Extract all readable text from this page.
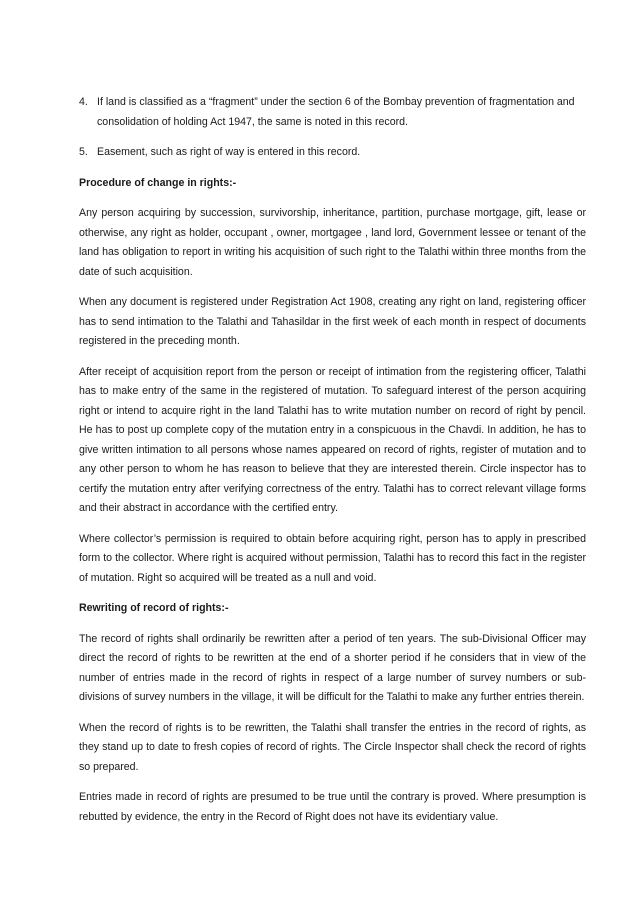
4. If land is classified as a “fragment” under the section 6 of the Bombay prevention of fragmentation and consolidation of holding Act 1947, the same is noted in this record.
5. Easement, such as right of way is entered in this record.
Procedure of change in rights:-

Any person acquiring by succession, survivorship, inheritance, partition, purchase mortgage, gift, lease or otherwise, any right as holder, occupant , owner, mortgagee , land lord, Government lessee or tenant of the land has obligation to report in writing his acquisition of such right to the Talathi within three months from the date of such acquisition.

When any document is registered under Registration Act 1908, creating any right on land, registering officer has to send intimation to the Talathi and Tahasildar in the first week of each month in respect of documents registered in the preceding month.

After receipt of acquisition report from the person or receipt of intimation from the registering officer, Talathi has to make entry of the same in the registered of mutation. To safeguard interest of the person acquiring right or intend to acquire right in the land Talathi has to write mutation number on record of right by pencil. He has to post up complete copy of the mutation entry in a conspicuous in the Chavdi. In addition, he has to give written intimation to all persons whose names appeared on record of rights, register of mutation and to any other person to whom he has reason to believe that they are interested therein. Circle inspector has to certify the mutation entry after verifying correctness of the entry. Talathi has to correct relevant village forms and their abstract in accordance with the certified entry.

Where collector’s permission is required to obtain before acquiring right, person has to apply in prescribed form to the collector. Where right is acquired without permission, Talathi has to record this fact in the register of mutation. Right so acquired will be treated as a null and void.

Rewriting of record of rights:-

The record of rights shall ordinarily be rewritten after a period of ten years. The sub-Divisional Officer may direct the record of rights to be rewritten at the end of a shorter period if he considers that in view of the number of entries made in the record of rights in respect of a large number of survey numbers or sub-divisions of survey numbers in the village, it will be difficult for the Talathi to make any further entries therein.

When the record of rights is to be rewritten, the Talathi shall transfer the entries in the record of rights, as they stand up to date to fresh copies of record of rights. The Circle Inspector shall check the record of rights so prepared.

Entries made in record of rights are presumed to be true until the contrary is proved. Where presumption is rebutted by evidence, the entry in the Record of Right does not have its evidentiary value.
